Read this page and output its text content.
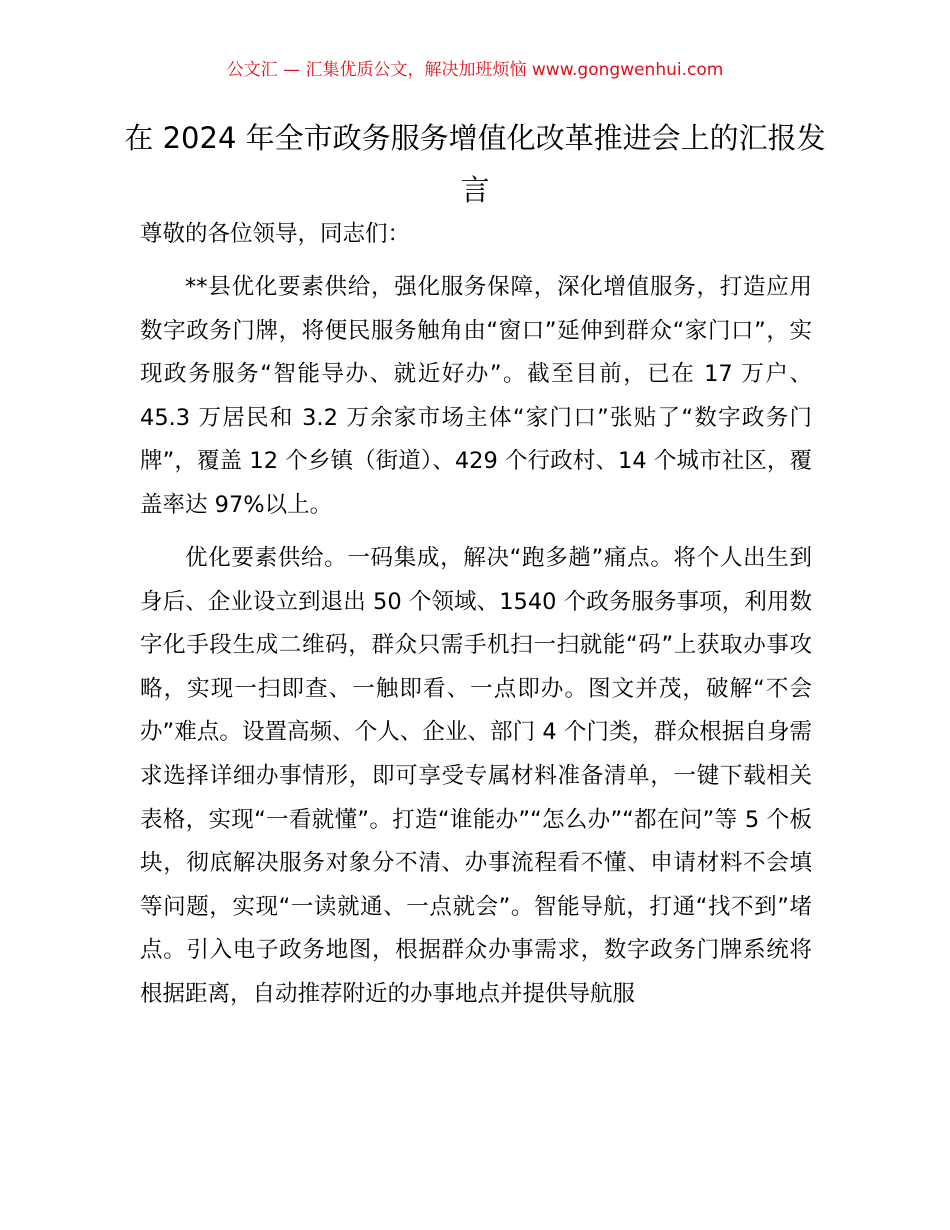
公文汇 — 汇集优质公文，解决加班烦恼 www.gongwenhui.com
在 2024 年全市政务服务增值化改革推进会上的汇报发言

尊敬的各位领导，同志们：

**县优化要素供给，强化服务保障，深化增值服务，打造应用数字政务门牌，将便民服务触角由“窗口”延伸到群众“家门口”，实现政务服务“智能导办、就近好办”。截至目前，已在 17 万户、45.3 万居民和 3.2 万余家市场主体“家门口”张贴了“数字政务门牌”，覆盖 12 个乡镇（街道）、429 个行政村、14 个城市社区，覆盖率达 97%以上。

优化要素供给。一码集成，解决“跑多趟”痛点。将个人出生到身后、企业设立到退出 50 个领域、1540 个政务服务事项，利用数字化手段生成二维码，群众只需手机扫一扫就能“码”上获取办事攻略，实现一扫即查、一触即看、一点即办。图文并茂，破解“不会办”难点。设置高频、个人、企业、部门 4 个门类，群众根据自身需求选择详细办事情形，即可享受专属材料准备清单，一键下载相关表格，实现“一看就懂”。打造“谁能办”“怎么办”“都在问”等 5 个板块，彻底解决服务对象分不清、办事流程看不懂、申请材料不会填等问题，实现“一读就通、一点就会”。智能导航，打通“找不到”堵点。引入电子政务地图，根据群众办事需求，数字政务门牌系统将根据距离，自动推荐附近的办事地点并提供导航服
